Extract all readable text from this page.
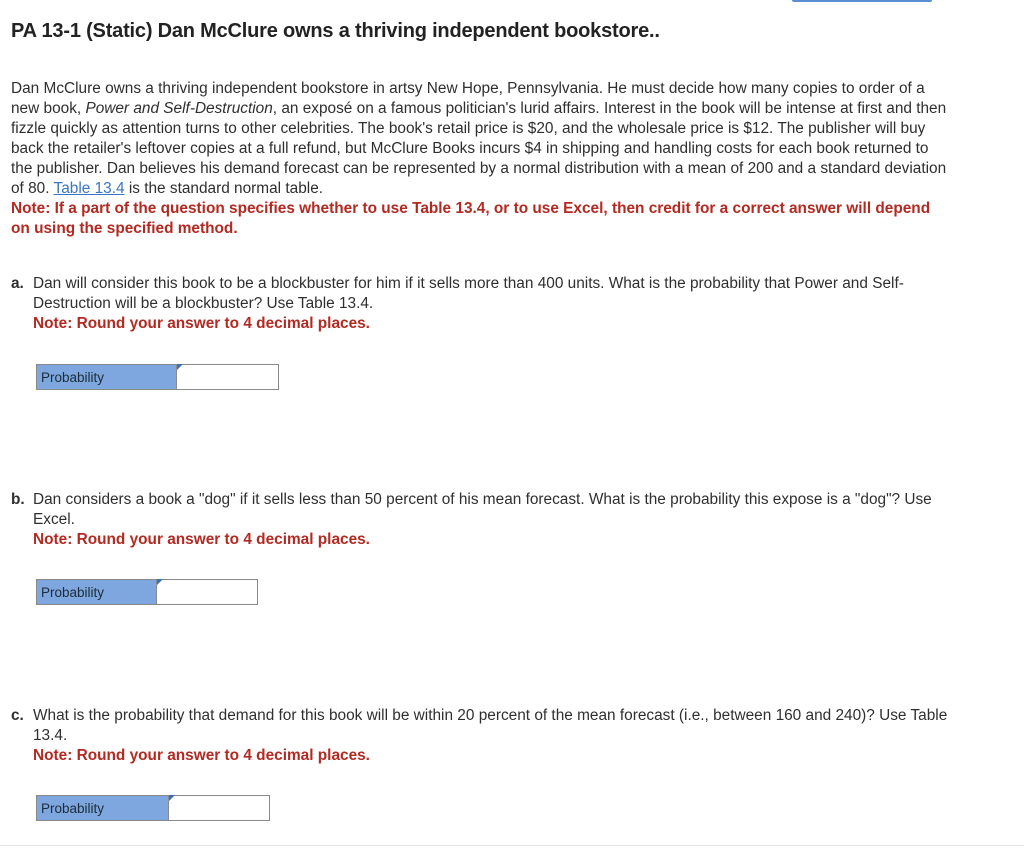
PA 13-1 (Static) Dan McClure owns a thriving independent bookstore..

Dan McClure owns a thriving independent bookstore in artsy New Hope, Pennsylvania. He must decide how many copies to order of a new book, Power and Self-Destruction, an exposé on a famous politician's lurid affairs. Interest in the book will be intense at first and then fizzle quickly as attention turns to other celebrities. The book's retail price is $20, and the wholesale price is $12. The publisher will buy back the retailer's leftover copies at a full refund, but McClure Books incurs $4 in shipping and handling costs for each book returned to the publisher. Dan believes his demand forecast can be represented by a normal distribution with a mean of 200 and a standard deviation of 80. Table 13.4 is the standard normal table.

Note: If a part of the question specifies whether to use Table 13.4, or to use Excel, then credit for a correct answer will depend on using the specified method.

a. Dan will consider this book to be a blockbuster for him if it sells more than 400 units. What is the probability that Power and Self-Destruction will be a blockbuster? Use Table 13.4.
Note: Round your answer to 4 decimal places.
Probability
b. Dan considers a book a "dog" if it sells less than 50 percent of his mean forecast. What is the probability this expose is a "dog"? Use Excel.
Note: Round your answer to 4 decimal places.
Probability
c. What is the probability that demand for this book will be within 20 percent of the mean forecast (i.e., between 160 and 240)? Use Table 13.4.
Note: Round your answer to 4 decimal places.
Probability
